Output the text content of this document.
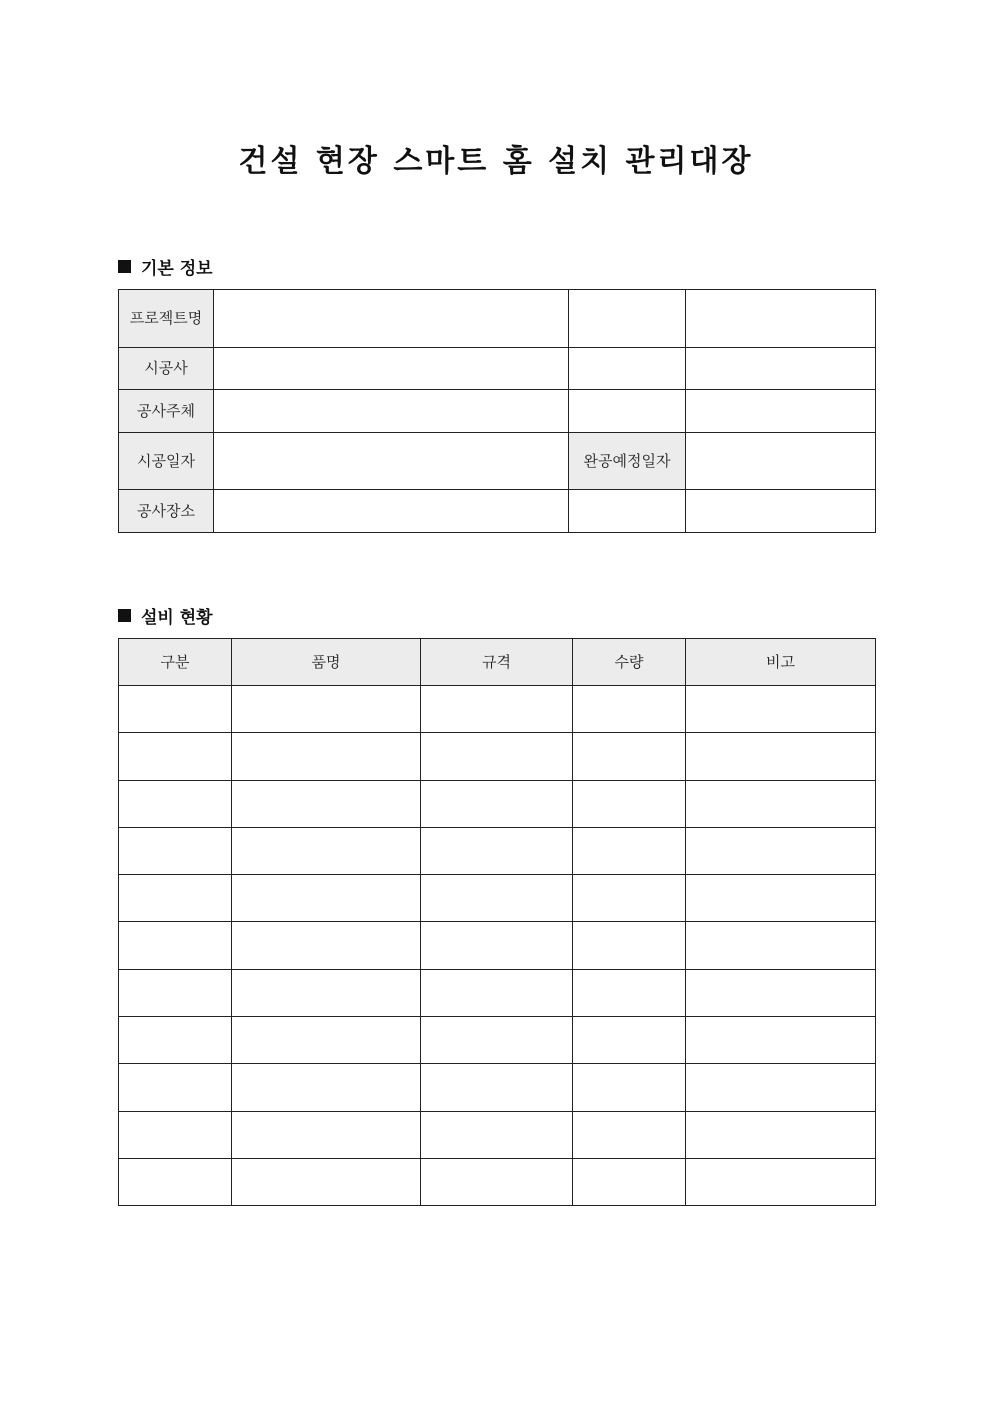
건설 현장 스마트 홈 설치 관리대장
기본 정보
프로젝트명			
시공사			
공사주체			
시공일자		완공예정일자	
공사장소			
설비 현황
구분	품명	규격	수량	비고
